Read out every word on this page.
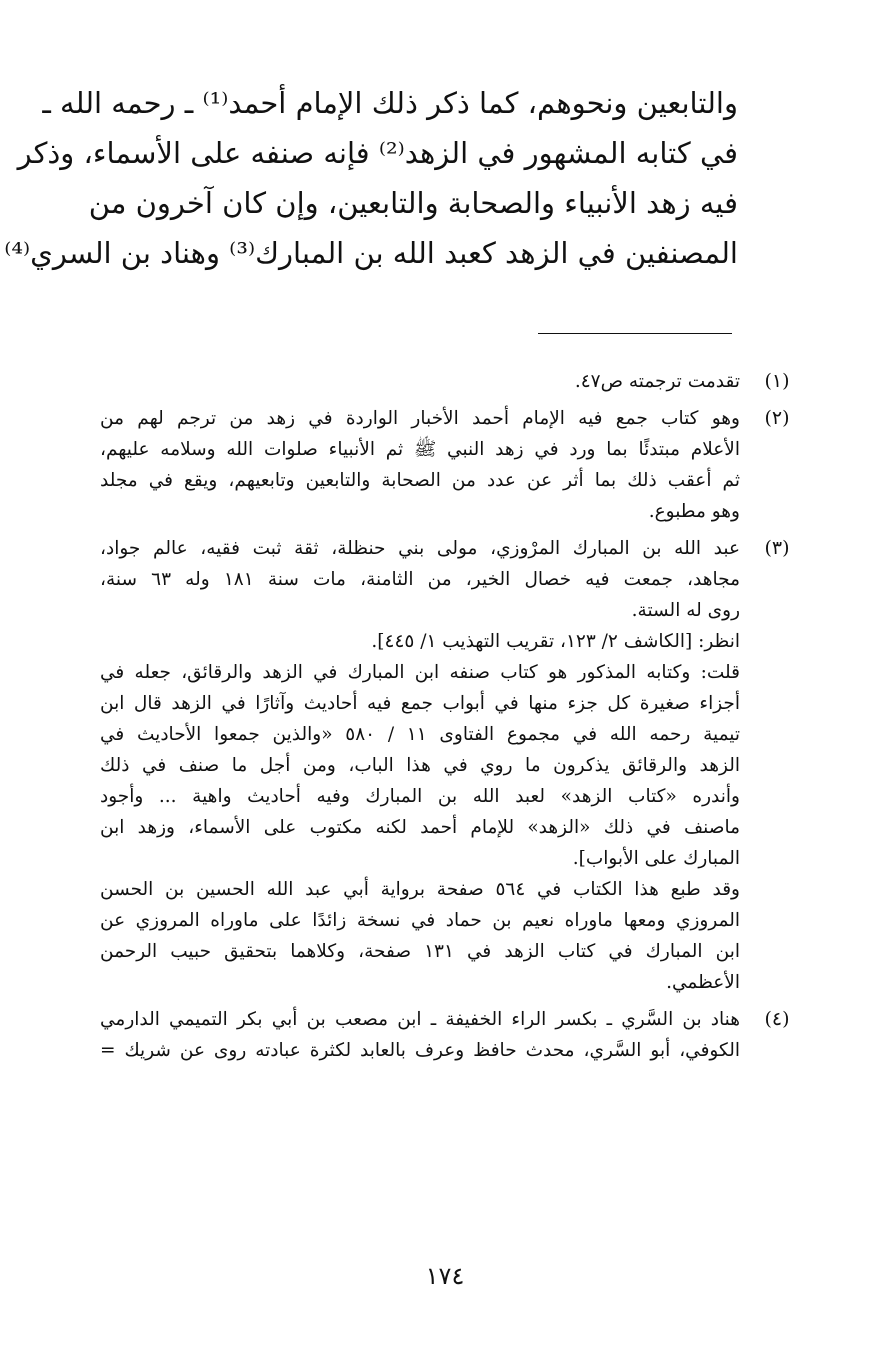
والتابعين ونحوهم، كما ذكر ذلك الإمام أحمد⁽¹⁾ ـ رحمه الله ـ
في كتابه المشهور في الزهد⁽²⁾ فإنه صنفه على الأسماء، وذكر
فيه زهد الأنبياء والصحابة والتابعين، وإن كان آخرون من
المصنفين في الزهد كعبد الله بن المبارك⁽³⁾ وهناد بن السري⁽⁴⁾
(١)
تقدمت ترجمته ص٤٧.
(٢)
وهو كتاب جمع فيه الإمام أحمد الأخبار الواردة في زهد من ترجم لهم من
الأعلام مبتدئًا بما ورد في زهد النبي ﷺ ثم الأنبياء صلوات الله وسلامه عليهم،
ثم أعقب ذلك بما أثر عن عدد من الصحابة والتابعين وتابعيهم، ويقع في مجلد
وهو مطبوع.
(٣)
عبد الله بن المبارك المرْوزي، مولى بني حنظلة، ثقة ثبت فقيه، عالم جواد،
مجاهد، جمعت فيه خصال الخير، من الثامنة، مات سنة ١٨١ وله ٦٣ سنة،
روى له الستة.
انظر: [الكاشف ٢/ ١٢٣، تقريب التهذيب ١/ ٤٤٥].
قلت: وكتابه المذكور هو كتاب صنفه ابن المبارك في الزهد والرقائق، جعله في
أجزاء صغيرة كل جزء منها في أبواب جمع فيه أحاديث وآثارًا في الزهد قال ابن
تيمية رحمه الله في مجموع الفتاوى ١١ / ٥٨٠ «والذين جمعوا الأحاديث في
الزهد والرقائق يذكرون ما روي في هذا الباب، ومن أجل ما صنف في ذلك
وأندره «كتاب الزهد» لعبد الله بن المبارك وفيه أحاديث واهية ... وأجود
ماصنف في ذلك «الزهد» للإمام أحمد لكنه مكتوب على الأسماء، وزهد ابن
المبارك على الأبواب].
وقد طبع هذا الكتاب في ٥٦٤ صفحة برواية أبي عبد الله الحسين بن الحسن
المروزي ومعها ماوراه نعيم بن حماد في نسخة زائدًا على ماوراه المروزي عن
ابن المبارك في كتاب الزهد في ١٣١ صفحة، وكلاهما بتحقيق حبيب الرحمن
الأعظمي.
(٤)
هناد بن السَّري ـ بكسر الراء الخفيفة ـ ابن مصعب بن أبي بكر التميمي الدارمي
الكوفي، أبو السَّري، محدث حافظ وعرف بالعابد لكثرة عبادته روى عن شريك =
١٧٤
